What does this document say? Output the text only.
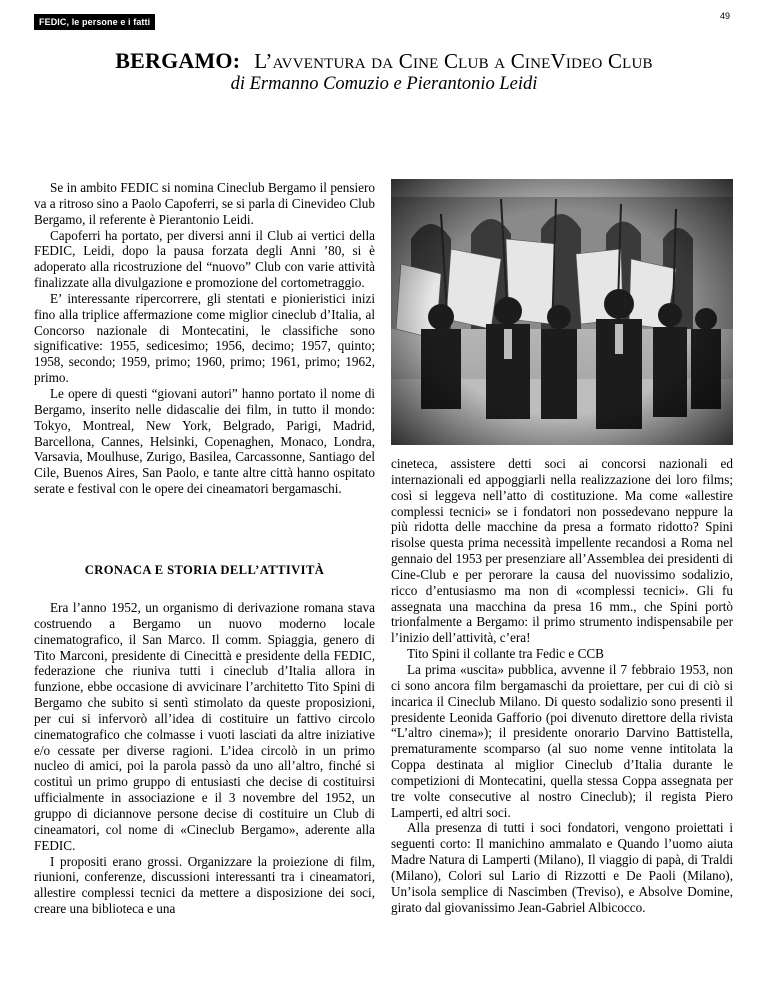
FEDIC, le persone e i fatti
49
BERGAMO: L’avventura da Cine Club a CineVideo Club
di Ermanno Comuzio e Pierantonio Leidi

Se in ambito FEDIC si nomina Cineclub Bergamo il pensiero va a ritroso sino a Paolo Capoferri, se si parla di Cinevideo Club Bergamo, il referente è Pierantonio Leidi.

Capoferri ha portato, per diversi anni il Club ai vertici della FEDIC, Leidi, dopo la pausa forzata degli Anni ’80, si è adoperato alla ricostruzione del “nuovo” Club con varie attività finalizzate alla divulgazione e promozione del cortometraggio.

E’ interessante ripercorrere, gli stentati e pionieristici inizi fino alla triplice affermazione come miglior cineclub d’Italia, al Concorso nazionale di Montecatini, le classifiche sono significative: 1955, sedicesimo; 1956, decimo; 1957, quinto; 1958, secondo; 1959, primo; 1960, primo; 1961, primo; 1962, primo.

Le opere di questi “giovani autori” hanno portato il nome di Bergamo, inserito nelle didascalie dei film, in tutto il mondo: Tokyo, Montreal, New York, Belgrado, Parigi, Madrid, Barcellona, Cannes, Helsinki, Copenaghen, Monaco, Londra, Varsavia, Moulhuse, Zurigo, Basilea, Carcassonne, Santiago del Cile, Buenos Aires, San Paolo, e tante altre città hanno ospitato serate e festival con le opere dei cineamatori bergamaschi.

CRONACA E STORIA DELL’ATTIVITÀ

Era l’anno 1952, un organismo di derivazione romana stava costruendo a Bergamo un nuovo moderno locale cinematografico, il San Marco. Il comm. Spiaggia, genero di Tito Marconi, presidente di Cinecittà e presidente della FEDIC, federazione che riuniva tutti i cineclub d’Italia allora in funzione, ebbe occasione di avvicinare l’architetto Tito Spini di Bergamo che subito si sentì stimolato da queste proposizioni, per cui si infervorò all’idea di costituire un fattivo circolo cinematografico che colmasse i vuoti lasciati da altre iniziative e/o cessate per diverse ragioni. L’idea circolò in un primo nucleo di amici, poi la parola passò da uno all’altro, finché si costituì un primo gruppo di entusiasti che decise di costituirsi ufficialmente in associazione e il 3 novembre del 1952, un gruppo di diciannove persone decise di costituire un Club di cineamatori, col nome di «Cineclub Bergamo», aderente alla FEDIC.

I propositi erano grossi. Organizzare la proiezione di film, riunioni, conferenze, discussioni interessanti tra i cineamatori, allestire complessi tecnici da mettere a disposizione dei soci, creare una biblioteca e una

cineteca, assistere detti soci ai concorsi nazionali ed internazionali ed appoggiarli nella realizzazione dei loro films; così si leggeva nell’atto di costituzione. Ma come «allestire complessi tecnici» se i fondatori non possedevano neppure la più ridotta delle macchine da presa a formato ridotto? Spini risolse questa prima necessità impellente recandosi a Roma nel gennaio del 1953 per presenziare all’Assemblea dei presidenti di Cine-Club e per perorare la causa del nuovissimo sodalizio, ricco d’entusiasmo ma non di «complessi tecnici». Gli fu assegnata una macchina da presa 16 mm., che Spini portò trionfalmente a Bergamo: il primo strumento indispensabile per l’inizio dell’attività, c’era!

Tito Spini il collante tra Fedic e CCB

La prima «uscita» pubblica, avvenne il 7 febbraio 1953, non ci sono ancora film bergamaschi da proiettare, per cui di ciò si incarica il Cineclub Milano. Di questo sodalizio sono presenti il presidente Leonida Gafforio (poi divenuto direttore della rivista “L’altro cinema»); il presidente onorario Darvino Battistella, prematuramente scomparso (al suo nome venne intitolata la Coppa destinata al miglior Cineclub d’Italia durante le competizioni di Montecatini, quella stessa Coppa assegnata per tre volte consecutive al nostro Cineclub); il regista Piero Lamperti, ed altri soci.

Alla presenza di tutti i soci fondatori, vengono proiettati i seguenti corto: Il manichino ammalato e Quando l’uomo aiuta Madre Natura di Lamperti (Milano), Il viaggio di papà, di Traldi (Milano), Colori sul Lario di Rizzotti e De Paoli (Milano), Un’isola semplice di Nascimben (Treviso), e Absolve Domine, girato dal giovanissimo Jean-Gabriel Albicocco.
